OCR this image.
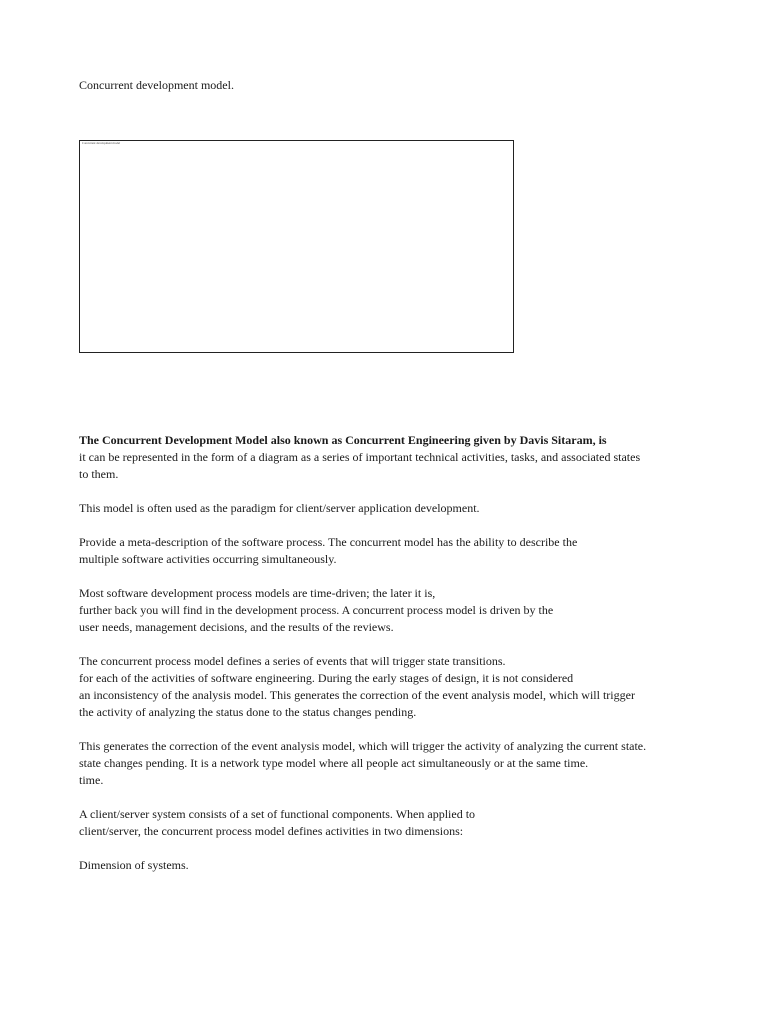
Concurrent development model.
Concurrent development model

The Concurrent Development Model also known as Concurrent Engineering given by Davis Sitaram, is
it can be represented in the form of a diagram as a series of important technical activities, tasks, and associated states
to them.

This model is often used as the paradigm for client/server application development.

Provide a meta-description of the software process. The concurrent model has the ability to describe the
multiple software activities occurring simultaneously.

Most software development process models are time-driven; the later it is,
further back you will find in the development process. A concurrent process model is driven by the
user needs, management decisions, and the results of the reviews.

The concurrent process model defines a series of events that will trigger state transitions.
for each of the activities of software engineering. During the early stages of design, it is not considered
an inconsistency of the analysis model. This generates the correction of the event analysis model, which will trigger
the activity of analyzing the status done to the status changes pending.

This generates the correction of the event analysis model, which will trigger the activity of analyzing the current state.
state changes pending. It is a network type model where all people act simultaneously or at the same time.
time.

A client/server system consists of a set of functional components. When applied to
client/server, the concurrent process model defines activities in two dimensions:

Dimension of systems.
